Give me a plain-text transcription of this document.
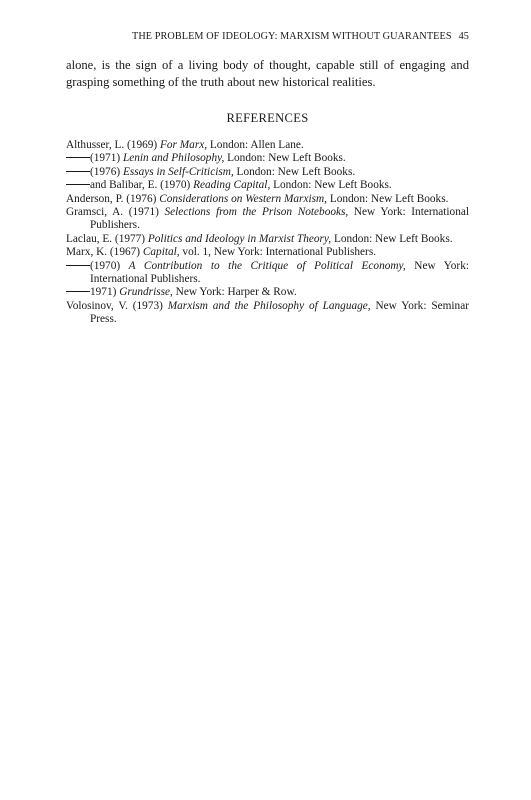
THE PROBLEM OF IDEOLOGY: MARXISM WITHOUT GUARANTEES 45

alone, is the sign of a living body of thought, capable still of engaging and grasping something of the truth about new historical realities.

REFERENCES
Althusser, L. (1969) For Marx, London: Allen Lane.
(1971) Lenin and Philosophy, London: New Left Books.
(1976) Essays in Self-Criticism, London: New Left Books.
and Balibar, E. (1970) Reading Capital, London: New Left Books.
Anderson, P. (1976) Considerations on Western Marxism, London: New Left Books.
Gramsci, A. (1971) Selections from the Prison Notebooks, New York: International Publishers.
Laclau, E. (1977) Politics and Ideology in Marxist Theory, London: New Left Books.
Marx, K. (1967) Capital, vol. 1, New York: International Publishers.
(1970) A Contribution to the Critique of Political Economy, New York: International Publishers.
1971) Grundrisse, New York: Harper & Row.
Volosinov, V. (1973) Marxism and the Philosophy of Language, New York: Seminar Press.
